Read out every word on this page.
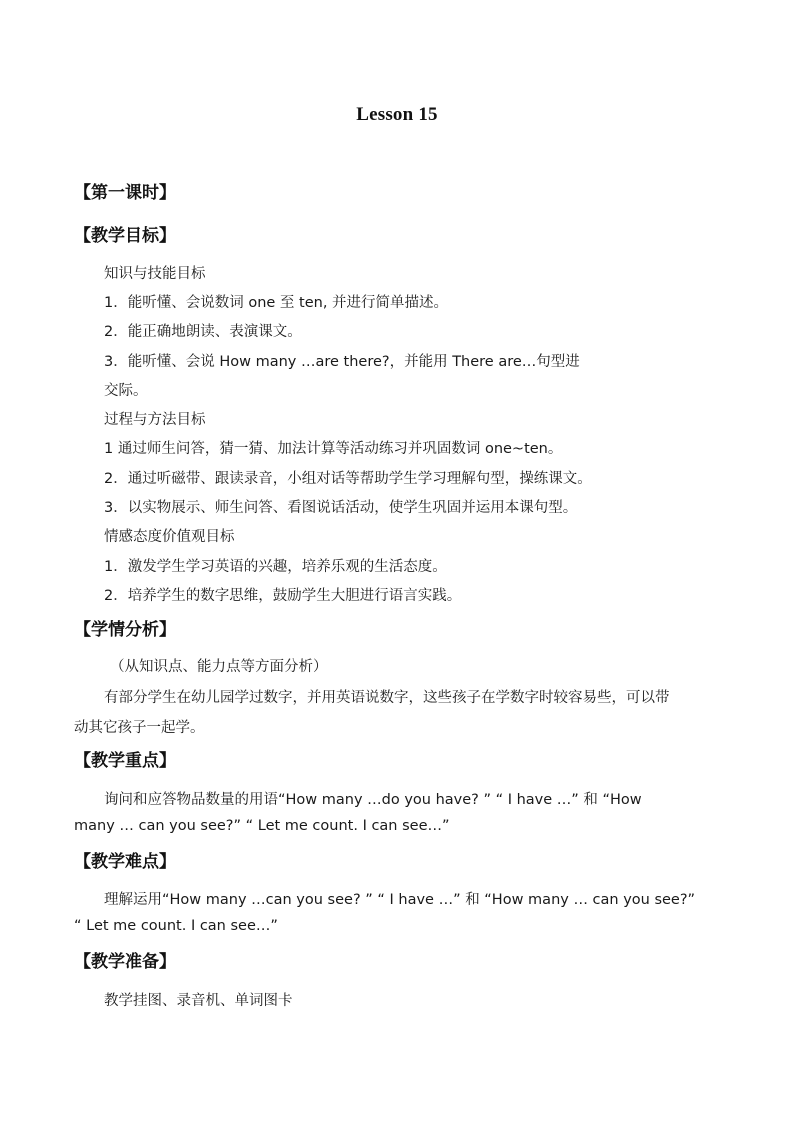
Lesson 15
【第一课时】
【教学目标】
知识与技能目标
1．能听懂、会说数词 one 至 ten, 并进行简单描述。
2．能正确地朗读、表演课文。
3．能听懂、会说 How many …are there?，并能用 There are…句型进
交际。
过程与方法目标
1 通过师生问答，猜一猜、加法计算等活动练习并巩固数词 one~ten。
2．通过听磁带、跟读录音，小组对话等帮助学生学习理解句型，操练课文。
3．以实物展示、师生问答、看图说话活动，使学生巩固并运用本课句型。
情感态度价值观目标
1．激发学生学习英语的兴趣，培养乐观的生活态度。
2．培养学生的数字思维，鼓励学生大胆进行语言实践。
【学情分析】
（从知识点、能力点等方面分析）
有部分学生在幼儿园学过数字，并用英语说数字，这些孩子在学数字时较容易些，可以带
动其它孩子一起学。
【教学重点】
询问和应答物品数量的用语“How many …do you have? ” “ I have …” 和 “How
many … can you see?” “ Let me count. I can see…”
【教学难点】
理解运用“How many …can you see? ” “ I have …” 和 “How many … can you see?”
“ Let me count. I can see…”
【教学准备】
教学挂图、录音机、单词图卡
